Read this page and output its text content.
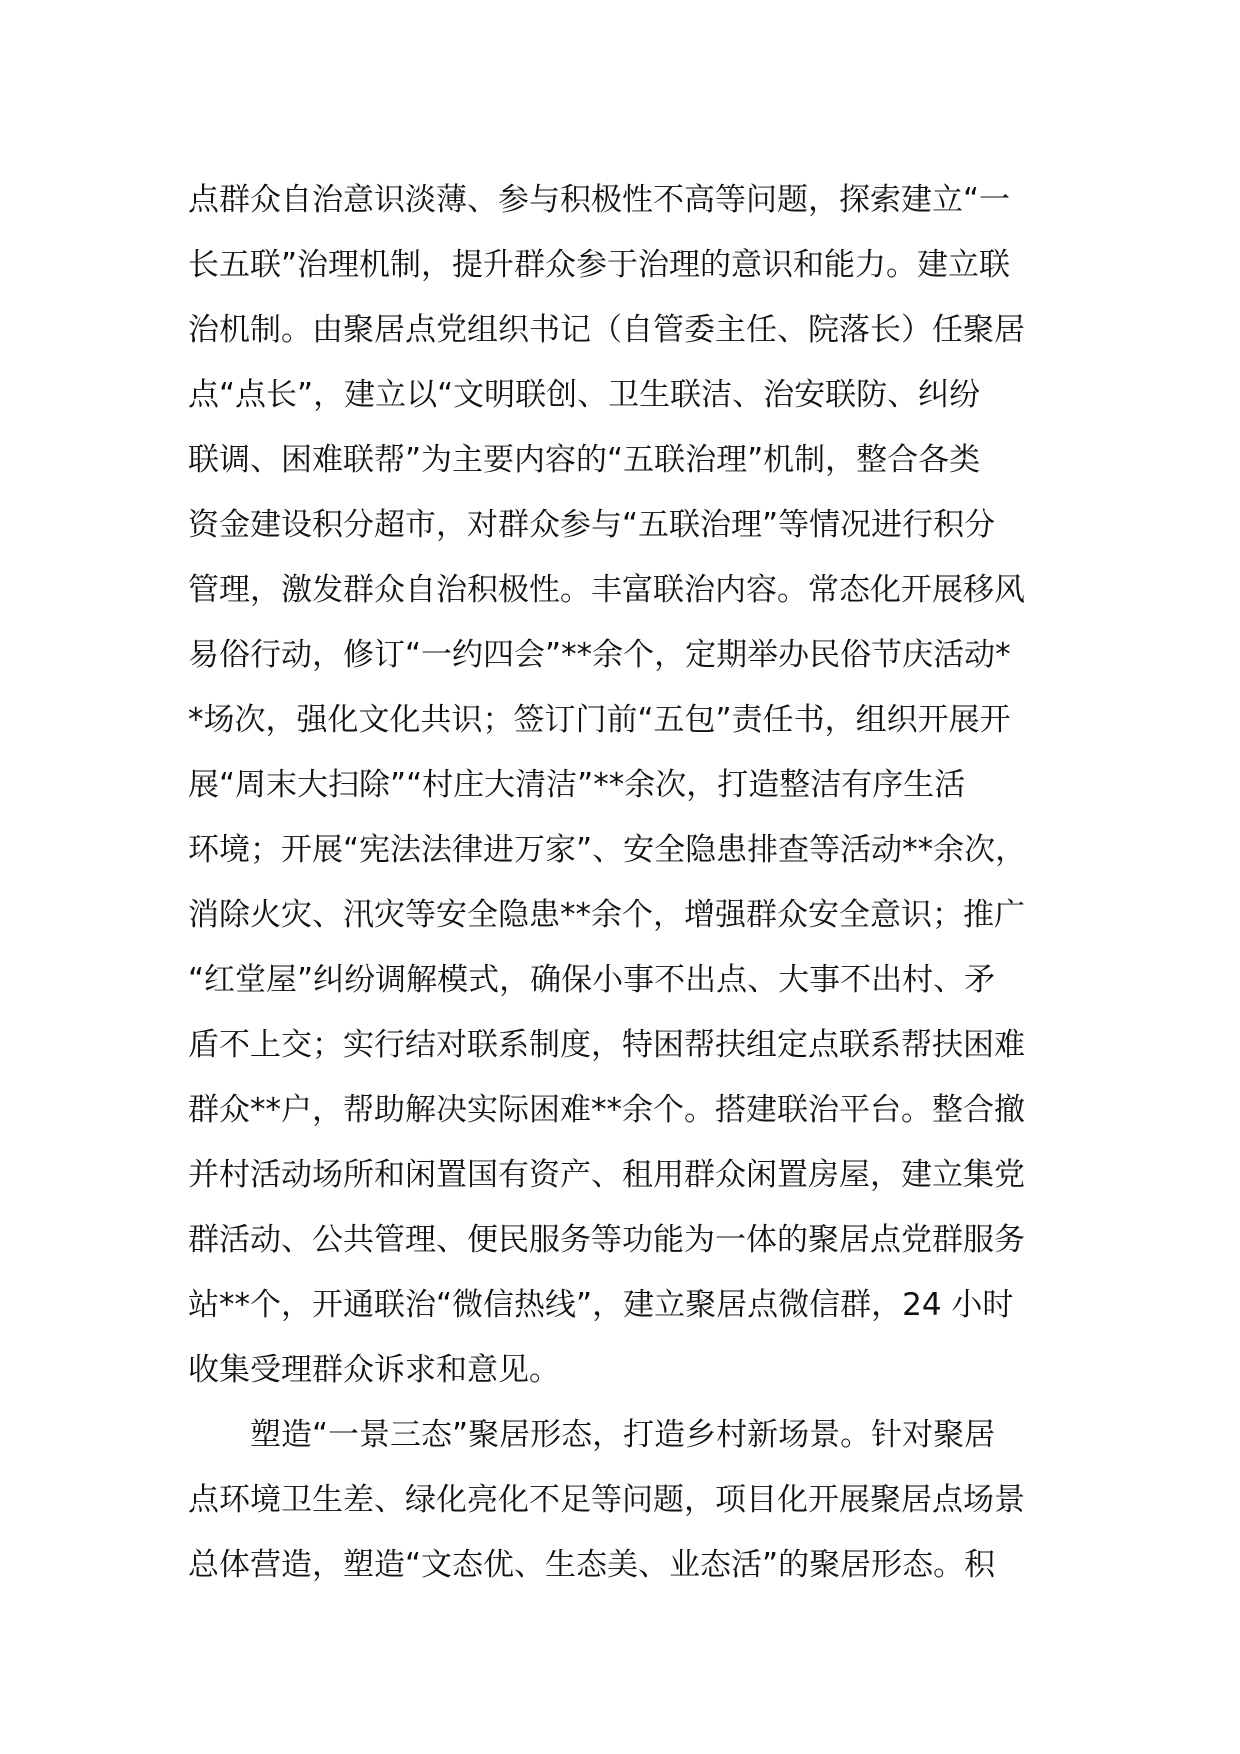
点群众自治意识淡薄、参与积极性不高等问题，探索建立“一
长五联”治理机制，提升群众参于治理的意识和能力。建立联
治机制。由聚居点党组织书记（自管委主任、院落长）任聚居
点“点长”，建立以“文明联创、卫生联洁、治安联防、纠纷
联调、困难联帮”为主要内容的“五联治理”机制，整合各类
资金建设积分超市，对群众参与“五联治理”等情况进行积分
管理，激发群众自治积极性。丰富联治内容。常态化开展移风
易俗行动，修订“一约四会”**余个，定期举办民俗节庆活动*
*场次，强化文化共识；签订门前“五包”责任书，组织开展开
展“周末大扫除”“村庄大清洁”**余次，打造整洁有序生活
环境；开展“宪法法律进万家”、安全隐患排查等活动**余次，
消除火灾、汛灾等安全隐患**余个，增强群众安全意识；推广
“红堂屋”纠纷调解模式，确保小事不出点、大事不出村、矛
盾不上交；实行结对联系制度，特困帮扶组定点联系帮扶困难
群众**户，帮助解决实际困难**余个。搭建联治平台。整合撤
并村活动场所和闲置国有资产、租用群众闲置房屋，建立集党
群活动、公共管理、便民服务等功能为一体的聚居点党群服务
站**个，开通联治“微信热线”，建立聚居点微信群，24 小时
收集受理群众诉求和意见。
塑造“一景三态”聚居形态，打造乡村新场景。针对聚居
点环境卫生差、绿化亮化不足等问题，项目化开展聚居点场景
总体营造，塑造“文态优、生态美、业态活”的聚居形态。积
